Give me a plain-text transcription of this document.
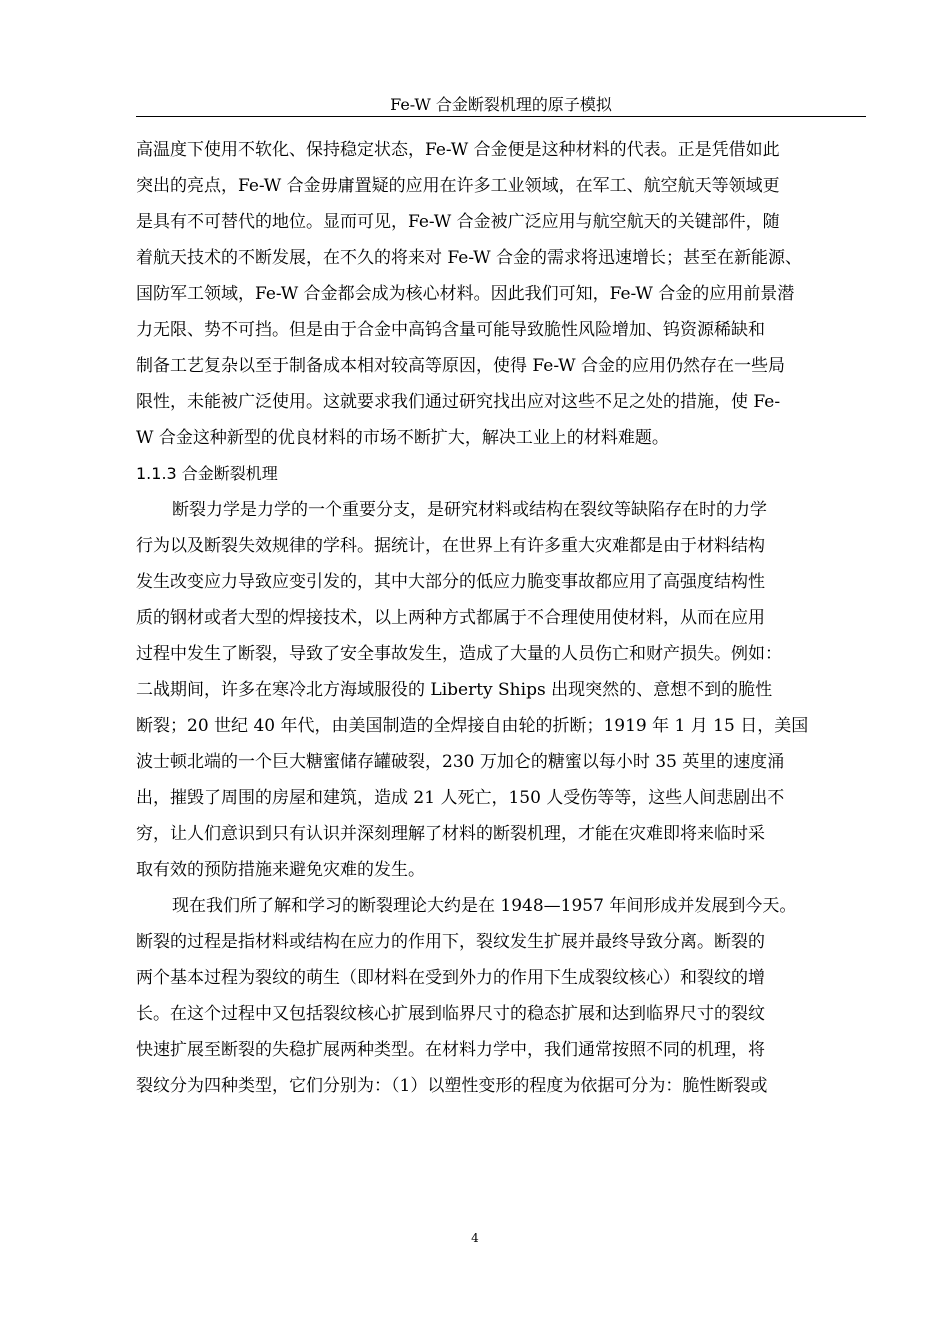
Fe-W 合金断裂机理的原子模拟
高温度下使用不软化、保持稳定状态，Fe-W 合金便是这种材料的代表。正是凭借如此
突出的亮点，Fe-W 合金毋庸置疑的应用在许多工业领域，在军工、航空航天等领域更
是具有不可替代的地位。显而可见，Fe-W 合金被广泛应用与航空航天的关键部件，随
着航天技术的不断发展，在不久的将来对 Fe-W 合金的需求将迅速增长；甚至在新能源、
国防军工领域，Fe-W 合金都会成为核心材料。因此我们可知，Fe-W 合金的应用前景潜
力无限、势不可挡。但是由于合金中高钨含量可能导致脆性风险增加、钨资源稀缺和
制备工艺复杂以至于制备成本相对较高等原因，使得 Fe-W 合金的应用仍然存在一些局
限性，未能被广泛使用。这就要求我们通过研究找出应对这些不足之处的措施，使 Fe-
W 合金这种新型的优良材料的市场不断扩大，解决工业上的材料难题。
1.1.3 合金断裂机理
断裂力学是力学的一个重要分支，是研究材料或结构在裂纹等缺陷存在时的力学
行为以及断裂失效规律的学科。据统计，在世界上有许多重大灾难都是由于材料结构
发生改变应力导致应变引发的，其中大部分的低应力脆变事故都应用了高强度结构性
质的钢材或者大型的焊接技术，以上两种方式都属于不合理使用使材料，从而在应用
过程中发生了断裂，导致了安全事故发生，造成了大量的人员伤亡和财产损失。例如：
二战期间，许多在寒冷北方海域服役的 Liberty Ships 出现突然的、意想不到的脆性
断裂；20 世纪 40 年代，由美国制造的全焊接自由轮的折断；1919 年 1 月 15 日，美国
波士顿北端的一个巨大糖蜜储存罐破裂，230 万加仑的糖蜜以每小时 35 英里的速度涌
出，摧毁了周围的房屋和建筑，造成 21 人死亡，150 人受伤等等，这些人间悲剧出不
穷，让人们意识到只有认识并深刻理解了材料的断裂机理，才能在灾难即将来临时采
取有效的预防措施来避免灾难的发生。
现在我们所了解和学习的断裂理论大约是在 1948—1957 年间形成并发展到今天。
断裂的过程是指材料或结构在应力的作用下，裂纹发生扩展并最终导致分离。断裂的
两个基本过程为裂纹的萌生（即材料在受到外力的作用下生成裂纹核心）和裂纹的增
长。在这个过程中又包括裂纹核心扩展到临界尺寸的稳态扩展和达到临界尺寸的裂纹
快速扩展至断裂的失稳扩展两种类型。在材料力学中，我们通常按照不同的机理，将
裂纹分为四种类型，它们分别为：（1）以塑性变形的程度为依据可分为：脆性断裂或
4
